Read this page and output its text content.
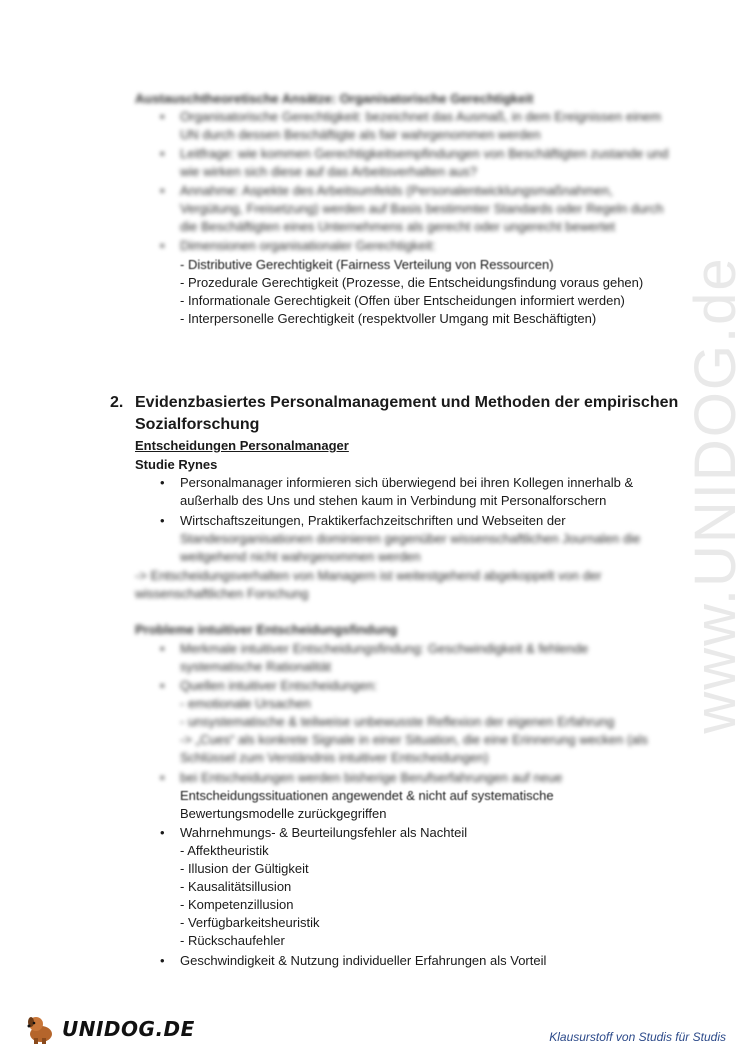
www.UNIDOG.de
Austauschtheoretische Ansätze: Organisatorische Gerechtigkeit
• Organisatorische Gerechtigkeit: bezeichnet das Ausmaß, in dem Ereignissen einem
UN durch dessen Beschäftigte als fair wahrgenommen werden
• Leitfrage: wie kommen Gerechtigkeitsempfindungen von Beschäftigten zustande und
wie wirken sich diese auf das Arbeitsverhalten aus?
• Annahme: Aspekte des Arbeitsumfelds (Personalentwicklungsmaßnahmen,
Vergütung, Freisetzung) werden auf Basis bestimmter Standards oder Regeln durch
die Beschäftigten eines Unternehmens als gerecht oder ungerecht bewertet
• Dimensionen organisationaler Gerechtigkeit:
- Distributive Gerechtigkeit (Fairness Verteilung von Ressourcen)
- Prozedurale Gerechtigkeit (Prozesse, die Entscheidungsfindung voraus gehen)
- Informationale Gerechtigkeit (Offen über Entscheidungen informiert werden)
- Interpersonelle Gerechtigkeit (respektvoller Umgang mit Beschäftigten)
2. Evidenzbasiertes Personalmanagement und Methoden der empirischen
Sozialforschung
Entscheidungen Personalmanager
Studie Rynes
• Personalmanager informieren sich überwiegend bei ihren Kollegen innerhalb &
außerhalb des Uns und stehen kaum in Verbindung mit Personalforschern
• Wirtschaftszeitungen, Praktikerfachzeitschriften und Webseiten der
Standesorganisationen dominieren gegenüber wissenschaftlichen Journalen die
weitgehend nicht wahrgenommen werden
-> Entscheidungsverhalten von Managern ist weitestgehend abgekoppelt von der
wissenschaftlichen Forschung
Probleme intuitiver Entscheidungsfindung
• Merkmale intuitiver Entscheidungsfindung: Geschwindigkeit & fehlende
systematische Rationalität
• Quellen intuitiver Entscheidungen:
- emotionale Ursachen
- unsystematische & teilweise unbewusste Reflexion der eigenen Erfahrung
-> „Cues“ als konkrete Signale in einer Situation, die eine Erinnerung wecken (als
Schlüssel zum Verständnis intuitiver Entscheidungen)
• bei Entscheidungen werden bisherige Berufserfahrungen auf neue
Entscheidungssituationen angewendet & nicht auf systematische
Bewertungsmodelle zurückgegriffen
• Wahrnehmungs- & Beurteilungsfehler als Nachteil
- Affektheuristik
- Illusion der Gültigkeit
- Kausalitätsillusion
- Kompetenzillusion
- Verfügbarkeitsheuristik
- Rückschaufehler
• Geschwindigkeit & Nutzung individueller Erfahrungen als Vorteil
UNIDOG.DE	Klausurstoff von Studis für Studis
